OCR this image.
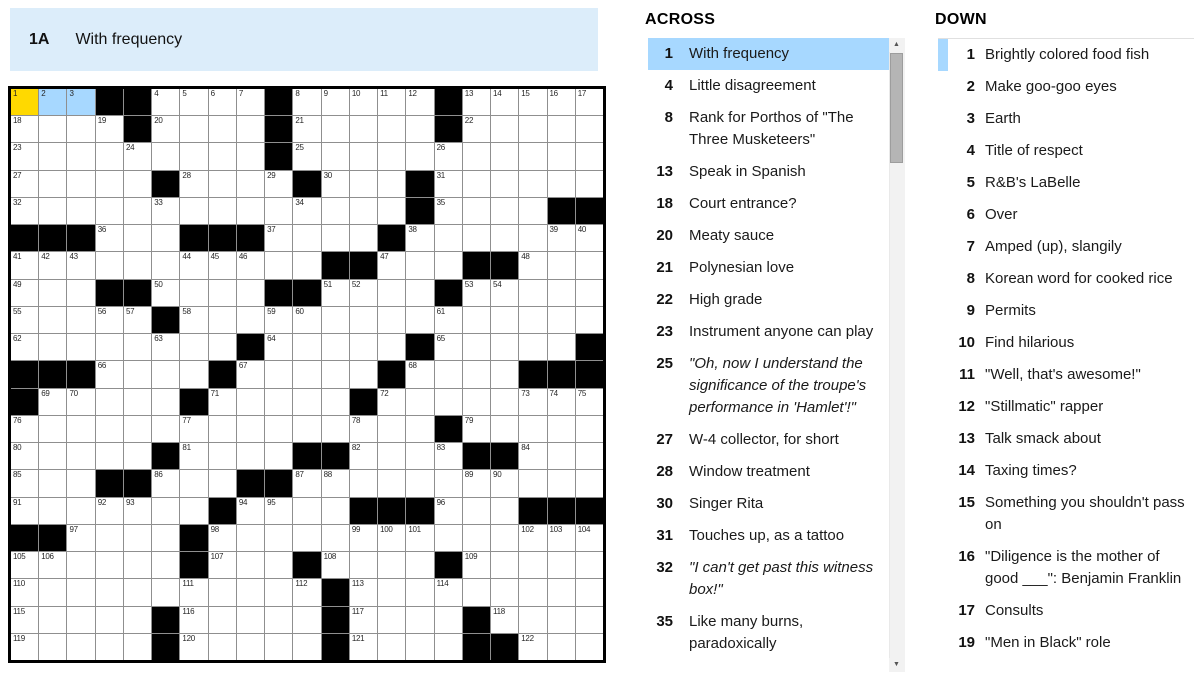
1A With frequency
1	2	3	4	5	6	7	8	9	10 11	12	13 14 15 16 17
18	19	20	21	22
23	24	25	26
27	28	29	30	31
32	33	34	35
36	37	38	39 40
41 42 43	44 45 46	47	48
49	50	51 52	53 54
55	56 57	58	59 60	61
62	63	64	65
66	67	68
69 70	71	72	73 74 75
76	77	78	79
80	81	82	83	84
85	86	87 88	89 90
91	92 93	94 95	96
97	98	99 100 101	102 103 104
105 106	107	108	109
110	111	112	113	114
115	116	117	118
119	120	121	122
ACROSS	DOWN
1 With frequency
4 Little disagreement
8 Rank for Porthos of "The Three Musketeers"
13 Speak in Spanish
18 Court entrance?
20 Meaty sauce
21 Polynesian love
22 High grade
23 Instrument anyone can play
25 "Oh, now I understand the significance of the troupe's performance in 'Hamlet'!"
27 W-4 collector, for short
28 Window treatment
30 Singer Rita
31 Touches up, as a tattoo
32 "I can't get past this witness box!"
35 Like many burns, paradoxically
1 Brightly colored food fish
2 Make goo-goo eyes
3 Earth
4 Title of respect
5 R&B's LaBelle
6 Over
7 Amped (up), slangily
8 Korean word for cooked rice
9 Permits
10 Find hilarious
11 "Well, that's awesome!"
12 "Stillmatic" rapper
13 Talk smack about
14 Taxing times?
15 Something you shouldn't pass on
16 "Diligence is the mother of good ___": Benjamin Franklin
17 Consults
19 "Men in Black" role
▲
▼
